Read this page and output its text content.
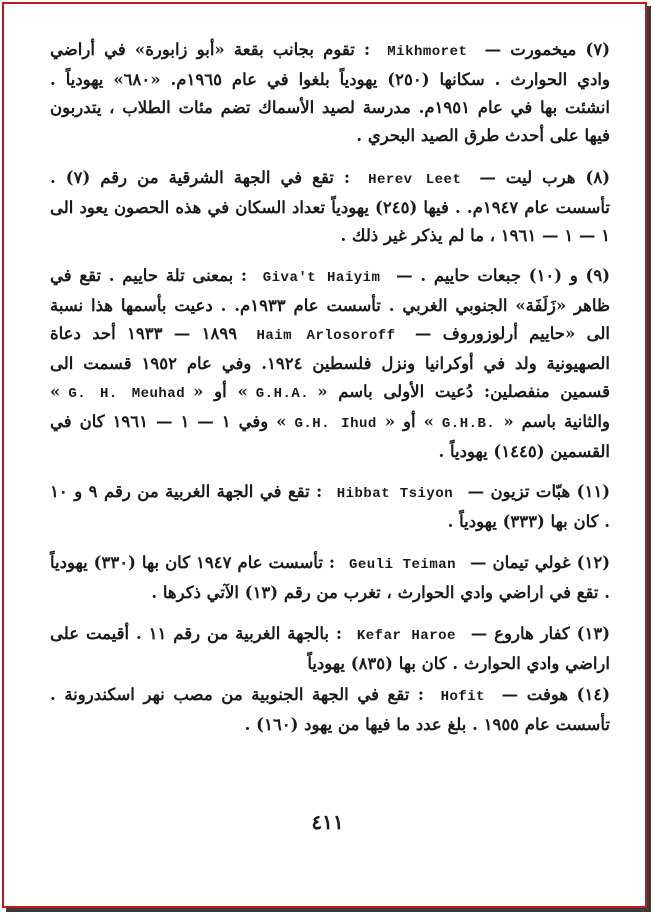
(٧) ميخمورت — Mikhmoret : تقوم بجانب بقعة «أبو زابورة» في أراضي وادي الحوارث . سكانها (٢٥٠) يهودياً بلغوا في عام ١٩٦٥م. «٦٨٠» يهودياً . انشئت بها في عام ١٩٥١م. مدرسة لصيد الأسماك تضم مئات الطلاب ، يتدربون فيها على أحدث طرق الصيد البحري .

(٨) هرب ليت — Herev Leet : تقع في الجهة الشرقية من رقم (٧) . تأسست عام ١٩٤٧م. . فيها (٢٤٥) يهودياً تعداد السكان في هذه الحصون يعود الى ١ — ١ — ١٩٦١ ، ما لم يذكر غير ذلك .

(٩) و (١٠) جبعات حاييم . — Giva't Haiyim : بمعنى تلة حاييم . تقع في ظاهر «زَلَفَة» الجنوبي الغربي . تأسست عام ١٩٣٣م. . دعيت بأسمها هذا نسبة الى «حاييم أرلوزوروف — Haim Arlosoroff ١٨٩٩ — ١٩٣٣ أحد دعاة الصهيونية ولد في أوكرانيا ونزل فلسطين ١٩٢٤. وفي عام ١٩٥٢ قسمت الى قسمين منفصلين: دُعيت الأولى باسم «G.H.A.» أو «G. H. Meuhad» والثانية باسم «G.H.B.» أو «G.H. Ihud» وفي ١ — ١ — ١٩٦١ كان في القسمين (١٤٤٥) يهودياً .

(١١) هبّات تزيون — Hibbat Tsiyon : تقع في الجهة الغربية من رقم ٩ و ١٠ . كان بها (٣٣٣) يهودياً .

(١٢) غولي تيمان — Geuli Teiman : تأسست عام ١٩٤٧ كان بها (٣٣٠) يهودياً . تقع في اراضي وادي الحوارث ، تغرب من رقم (١٣) الآتي ذكرها .

(١٣) كفار هاروع — Kefar Haroe : بالجهة الغربية من رقم ١١ . أقيمت على اراضي وادي الحوارث . كان بها (٨٣٥) يهودياً

(١٤) هوفت — Hofit : تقع في الجهة الجنوبية من مصب نهر اسكندرونة . تأسست عام ١٩٥٥ . بلغ عدد ما فيها من يهود (١٦٠) .

٤١١
